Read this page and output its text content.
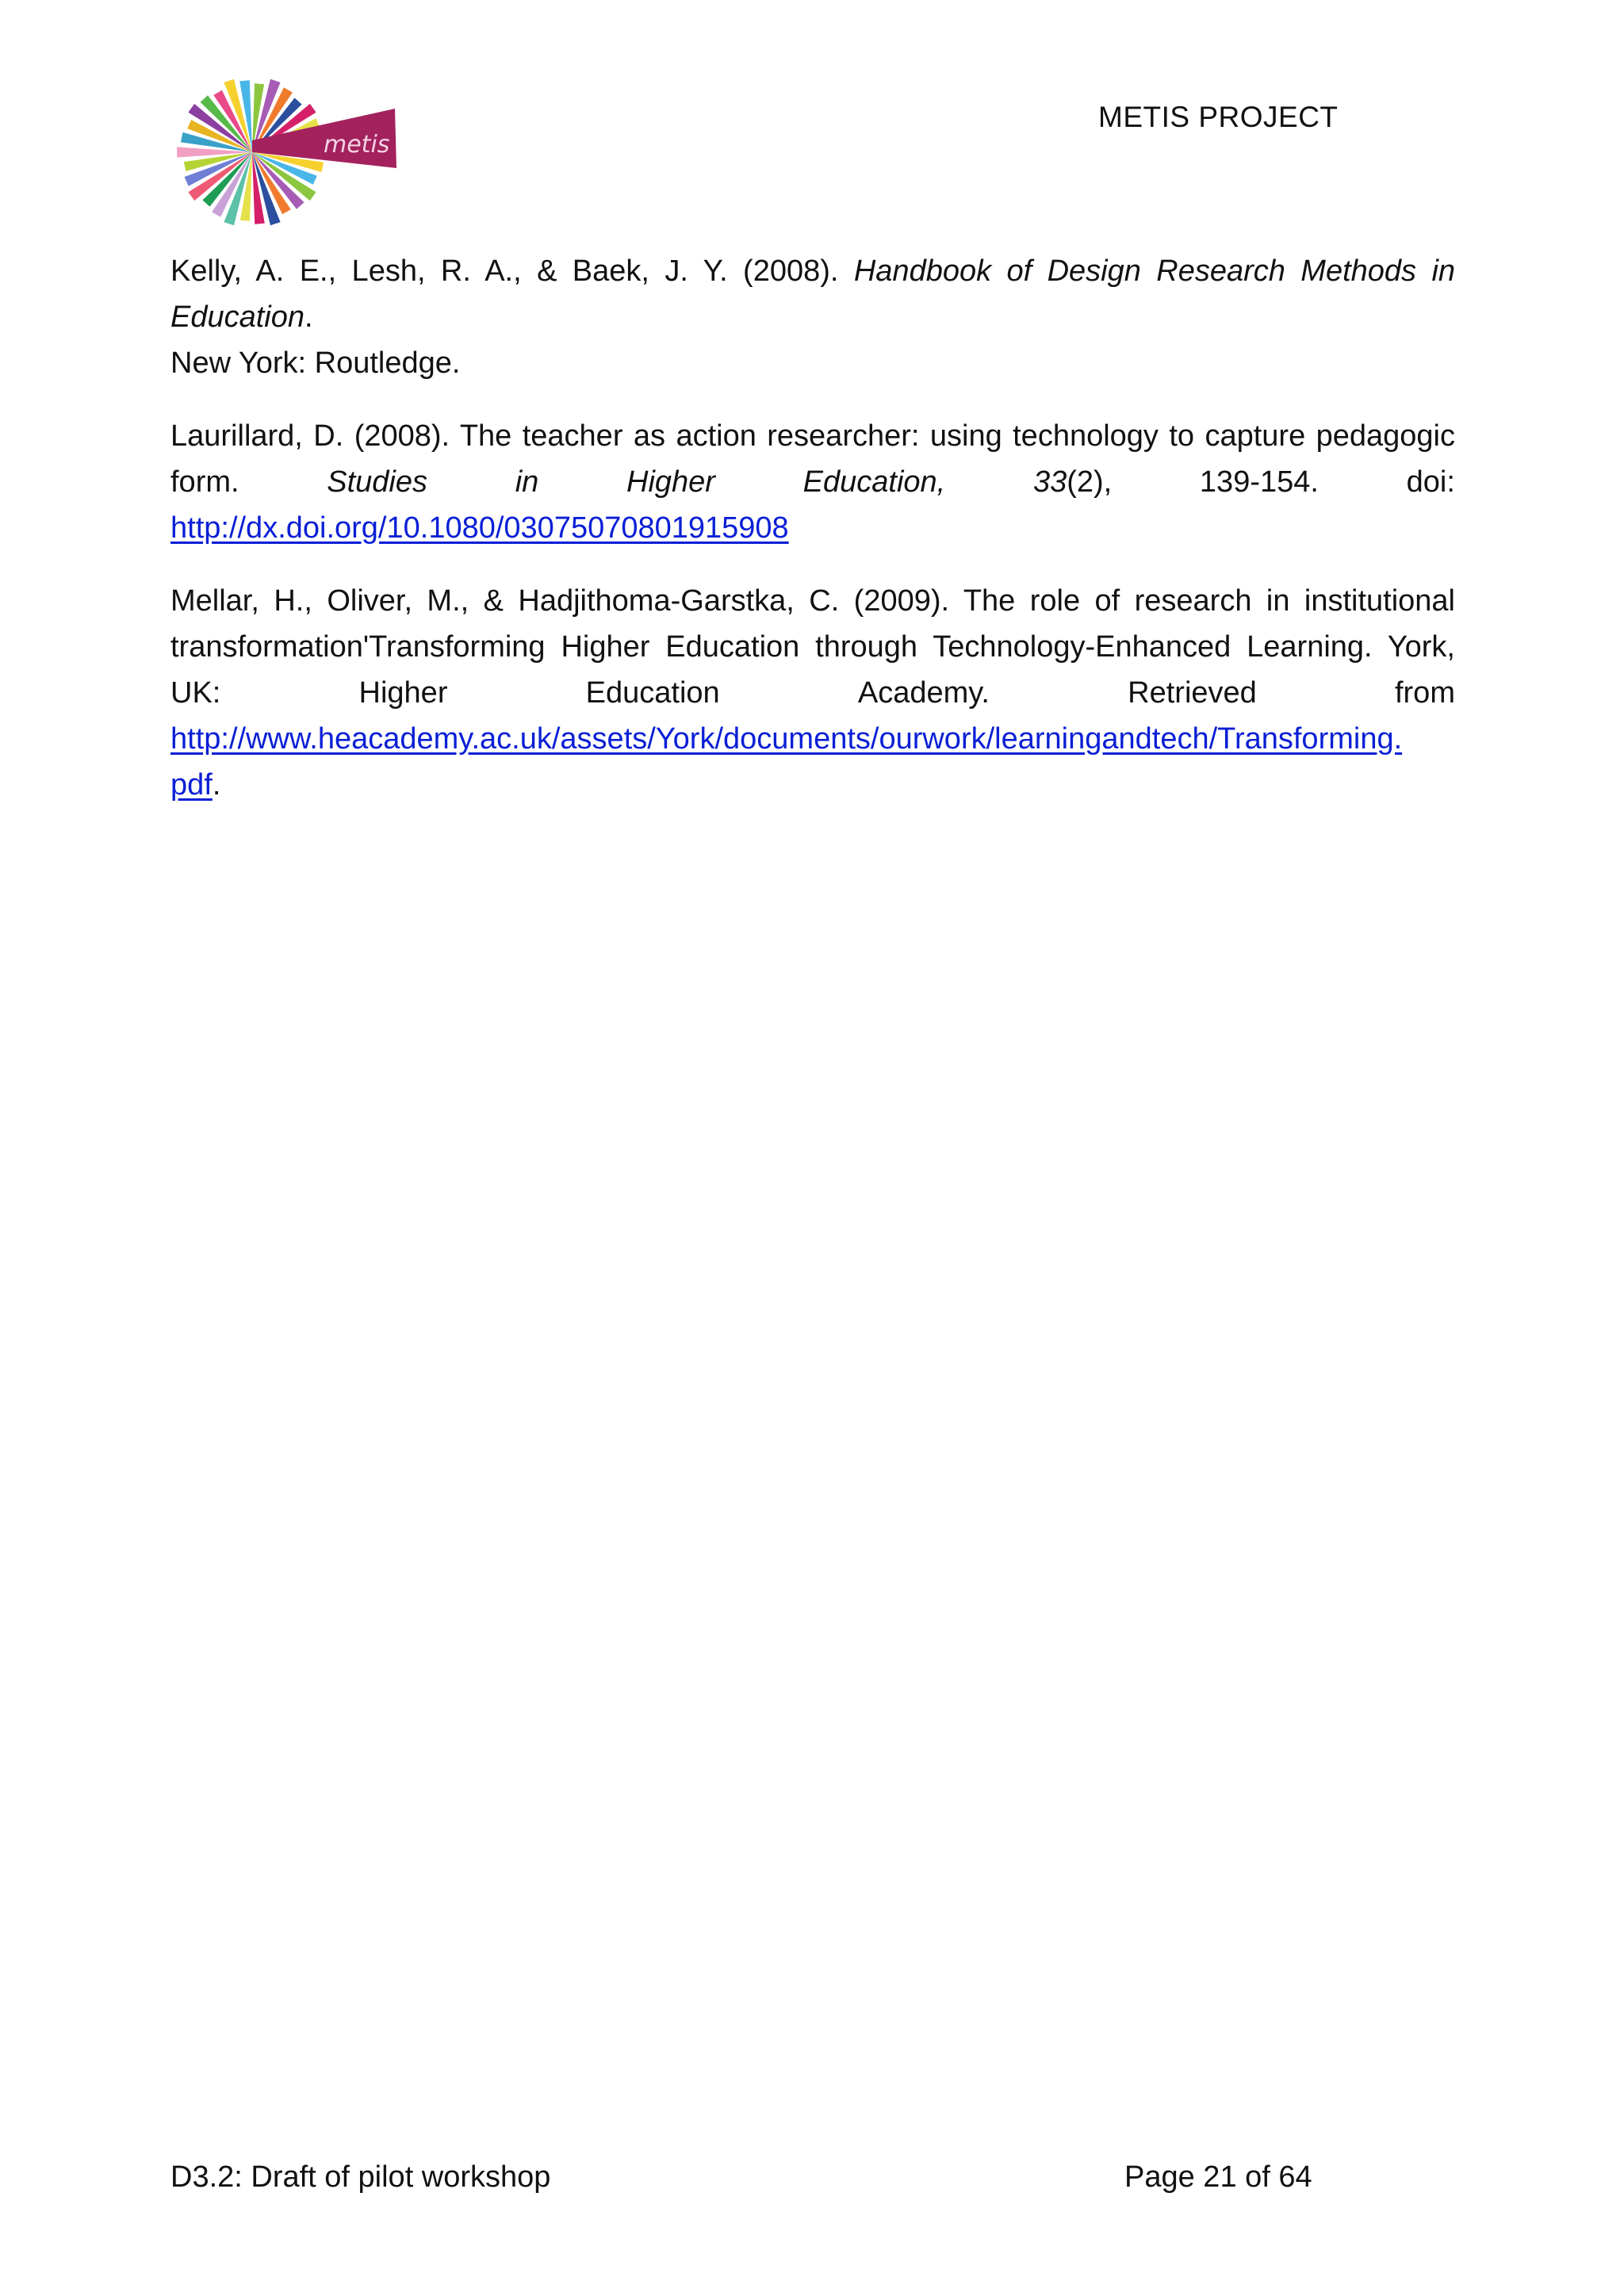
metis
METIS PROJECT
Kelly, A. E., Lesh, R. A., & Baek, J. Y. (2008). Handbook of Design Research Methods in Education.
New York: Routledge.
Laurillard, D. (2008). The teacher as action researcher: using technology to capture pedagogic
form.	Studies	in	Higher	Education,	33(2),	139-154.	doi:
http://dx.doi.org/10.1080/03075070801915908
Mellar, H., Oliver, M., & Hadjithoma-Garstka, C. (2009). The role of research in institutional
transformation'Transforming Higher Education through Technology-Enhanced Learning. York,
UK:	Higher	Education	Academy.	Retrieved	from
http://www.heacademy.ac.uk/assets/York/documents/ourwork/learningandtech/Transforming.
pdf.
D3.2: Draft of pilot workshop	Page 21 of 64
